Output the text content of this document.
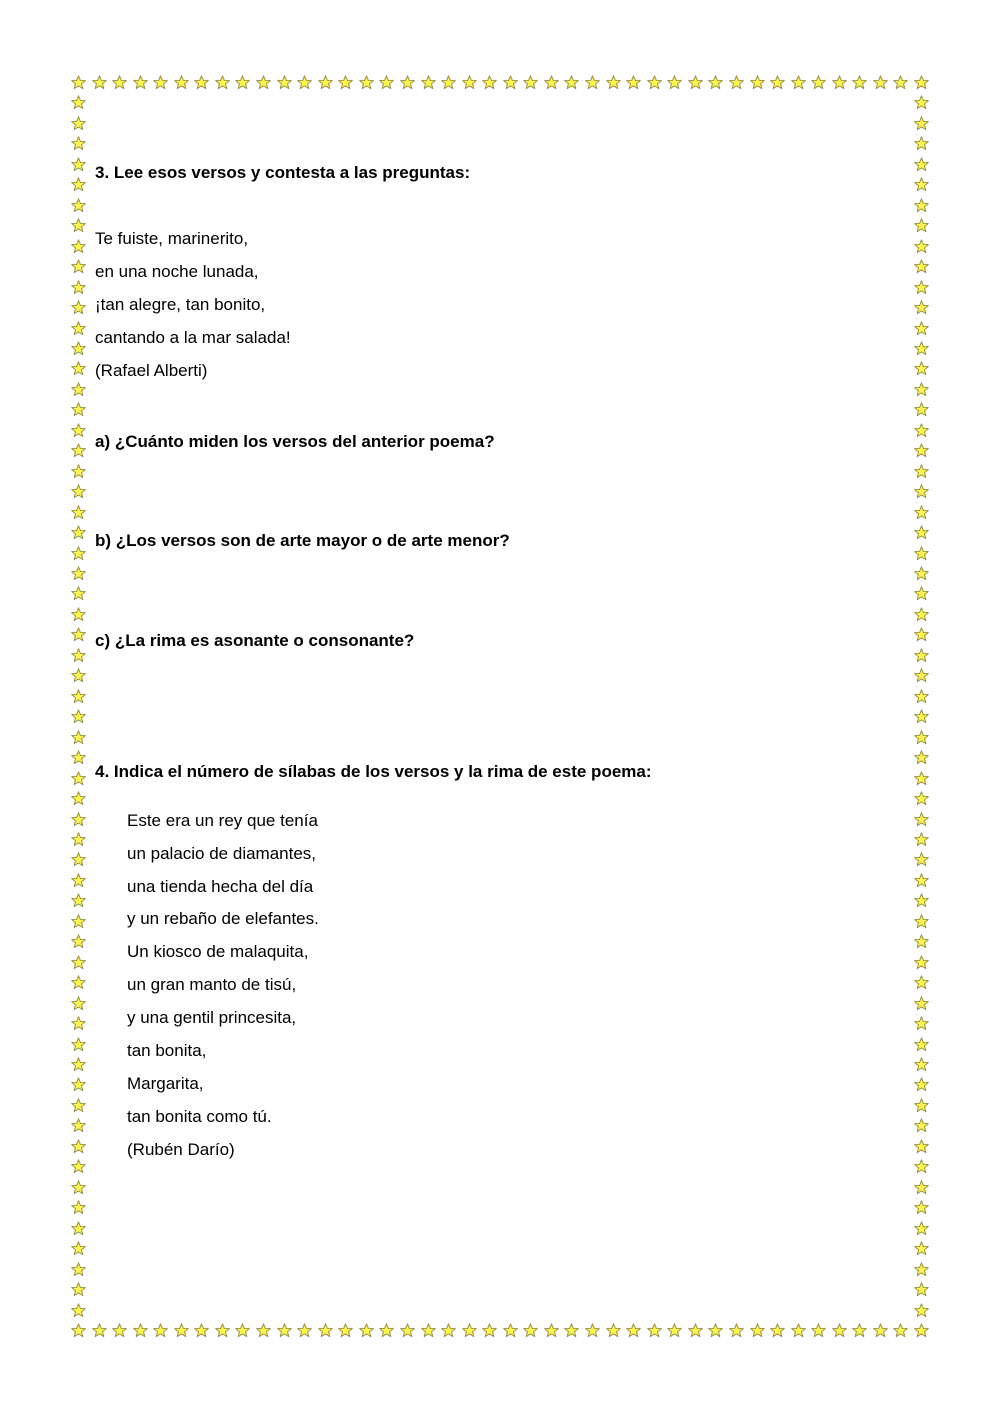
3. Lee esos versos y contesta a las preguntas:
Te fuiste, marinerito,
en una noche lunada,
¡tan alegre, tan bonito,
cantando a la mar salada!
(Rafael Alberti)
a) ¿Cuánto miden los versos del anterior poema?
b) ¿Los versos son de arte mayor o de arte menor?
c) ¿La rima es asonante o consonante?
4. Indica el número de sílabas de los versos y la rima de este poema:
Este era un rey que tenía
un palacio de diamantes,
una tienda hecha del día
y un rebaño de elefantes.
Un kiosco de malaquita,
un gran manto de tisú,
y una gentil princesita,
tan bonita,
Margarita,
tan bonita como tú.
(Rubén Darío)
